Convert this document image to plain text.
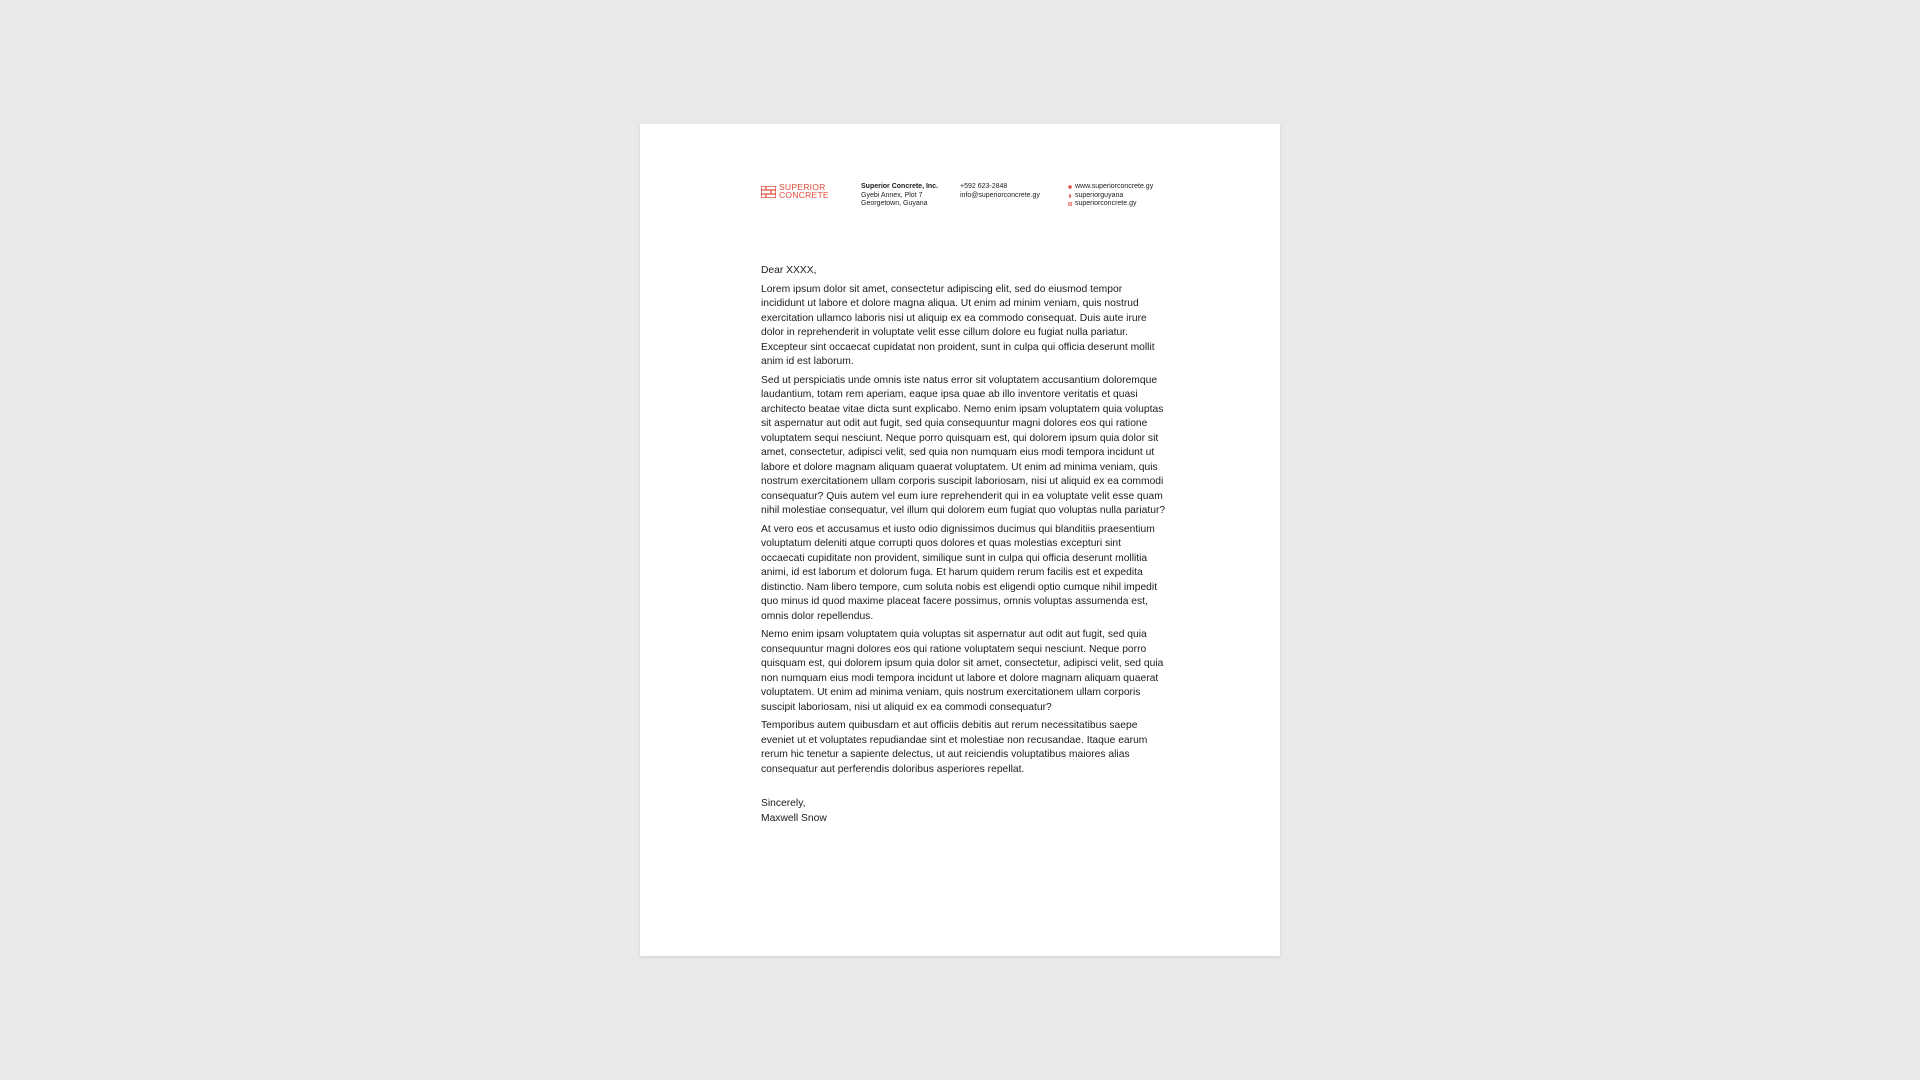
SUPERIOR
CONCRETE
Superior Concrete, Inc.
Gyebi Annex, Plot 7
Georgetown, Guyana
+592 623-2848
info@superiorconcrete.gy
www.superiorconcrete.gy
superiorguyana
superiorconcrete.gy

Dear XXXX,

Lorem ipsum dolor sit amet, consectetur adipiscing elit, sed do eiusmod tempor incididunt ut labore et dolore magna aliqua. Ut enim ad minim veniam, quis nostrud exercitation ullamco laboris nisi ut aliquip ex ea commodo consequat. Duis aute irure dolor in reprehenderit in voluptate velit esse cillum dolore eu fugiat nulla pariatur. Excepteur sint occaecat cupidatat non proident, sunt in culpa qui officia deserunt mollit anim id est laborum.

Sed ut perspiciatis unde omnis iste natus error sit voluptatem accusantium doloremque laudantium, totam rem aperiam, eaque ipsa quae ab illo inventore veritatis et quasi architecto beatae vitae dicta sunt explicabo. Nemo enim ipsam voluptatem quia voluptas sit aspernatur aut odit aut fugit, sed quia consequuntur magni dolores eos qui ratione voluptatem sequi nesciunt. Neque porro quisquam est, qui dolorem ipsum quia dolor sit amet, consectetur, adipisci velit, sed quia non numquam eius modi tempora incidunt ut labore et dolore magnam aliquam quaerat voluptatem. Ut enim ad minima veniam, quis nostrum exercitationem ullam corporis suscipit laboriosam, nisi ut aliquid ex ea commodi consequatur? Quis autem vel eum iure reprehenderit qui in ea voluptate velit esse quam nihil molestiae consequatur, vel illum qui dolorem eum fugiat quo voluptas nulla pariatur?

At vero eos et accusamus et iusto odio dignissimos ducimus qui blanditiis praesentium voluptatum deleniti atque corrupti quos dolores et quas molestias excepturi sint occaecati cupiditate non provident, similique sunt in culpa qui officia deserunt mollitia animi, id est laborum et dolorum fuga. Et harum quidem rerum facilis est et expedita distinctio. Nam libero tempore, cum soluta nobis est eligendi optio cumque nihil impedit quo minus id quod maxime placeat facere possimus, omnis voluptas assumenda est, omnis dolor repellendus.

Nemo enim ipsam voluptatem quia voluptas sit aspernatur aut odit aut fugit, sed quia consequuntur magni dolores eos qui ratione voluptatem sequi nesciunt. Neque porro quisquam est, qui dolorem ipsum quia dolor sit amet, consectetur, adipisci velit, sed quia non numquam eius modi tempora incidunt ut labore et dolore magnam aliquam quaerat voluptatem. Ut enim ad minima veniam, quis nostrum exercitationem ullam corporis suscipit laboriosam, nisi ut aliquid ex ea commodi consequatur?

Temporibus autem quibusdam et aut officiis debitis aut rerum necessitatibus saepe eveniet ut et voluptates repudiandae sint et molestiae non recusandae. Itaque earum rerum hic tenetur a sapiente delectus, ut aut reiciendis voluptatibus maiores alias consequatur aut perferendis doloribus asperiores repellat.

Sincerely,
Maxwell Snow
